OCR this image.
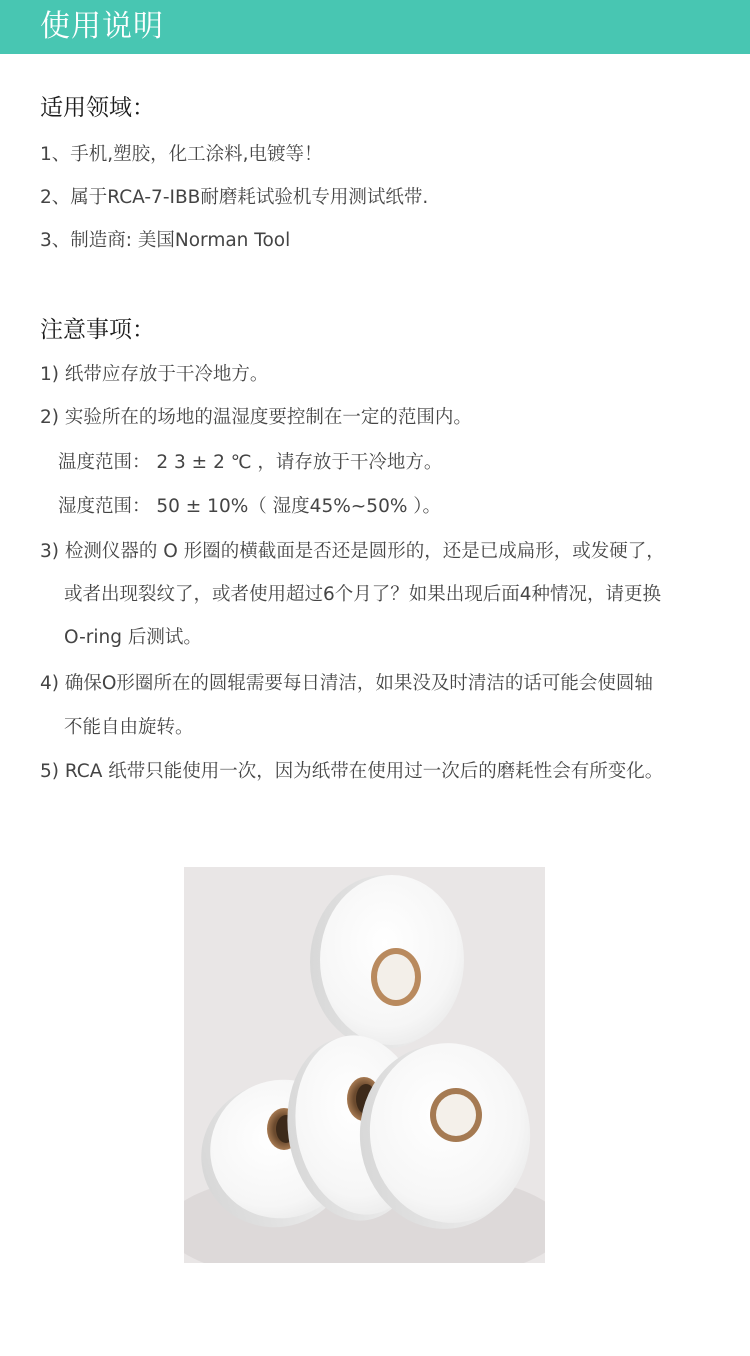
使用说明
适用领域：

1、手机,塑胶，化工涂料,电镀等！

2、属于RCA-7-IBB耐磨耗试验机专用测试纸带.

3、制造商: 美国Norman Tool

注意事项：

1) 纸带应存放于干冷地方。

2) 实验所在的场地的温湿度要控制在一定的范围内。

温度范围： 2 3 ± 2 ℃ ，请存放于干冷地方。

湿度范围： 50 ± 10%（ 湿度45%~50% ）。

3) 检测仪器的 O 形圈的横截面是否还是圆形的，还是已成扁形，或发硬了，

或者出现裂纹了，或者使用超过6个月了？如果出现后面4种情况，请更换

O-ring 后测试。

4) 确保O形圈所在的圆辊需要每日清洁，如果没及时清洁的话可能会使圆轴

不能自由旋转。

5) RCA 纸带只能使用一次，因为纸带在使用过一次后的磨耗性会有所变化。
